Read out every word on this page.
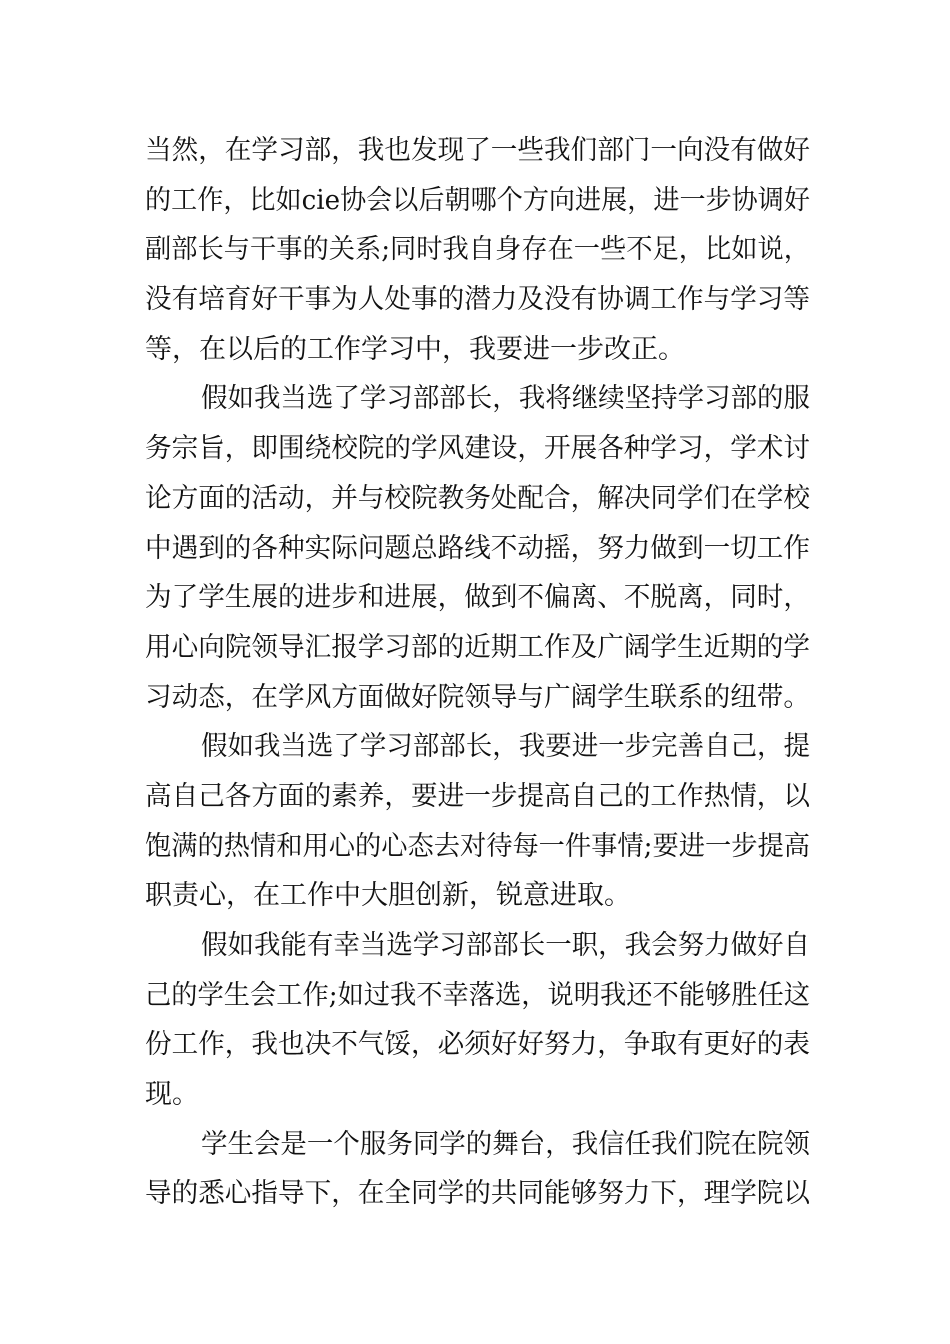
当然，在学习部，我也发现了一些我们部门一向没有做好
的工作，比如cie协会以后朝哪个方向进展，进一步协调好
副部长与干事的关系;同时我自身存在一些不足，比如说，
没有培育好干事为人处事的潜力及没有协调工作与学习等
等，在以后的工作学习中，我要进一步改正。
假如我当选了学习部部长，我将继续坚持学习部的服
务宗旨，即围绕校院的学风建设，开展各种学习，学术讨
论方面的活动，并与校院教务处配合，解决同学们在学校
中遇到的各种实际问题总路线不动摇，努力做到一切工作
为了学生展的进步和进展，做到不偏离、不脱离，同时，
用心向院领导汇报学习部的近期工作及广阔学生近期的学
习动态，在学风方面做好院领导与广阔学生联系的纽带。
假如我当选了学习部部长，我要进一步完善自己，提
高自己各方面的素养，要进一步提高自己的工作热情，以
饱满的热情和用心的心态去对待每一件事情;要进一步提高
职责心，在工作中大胆创新，锐意进取。
假如我能有幸当选学习部部长一职，我会努力做好自
己的学生会工作;如过我不幸落选，说明我还不能够胜任这
份工作，我也决不气馁，必须好好努力，争取有更好的表
现。
学生会是一个服务同学的舞台，我信任我们院在院领
导的悉心指导下，在全同学的共同能够努力下，理学院以
